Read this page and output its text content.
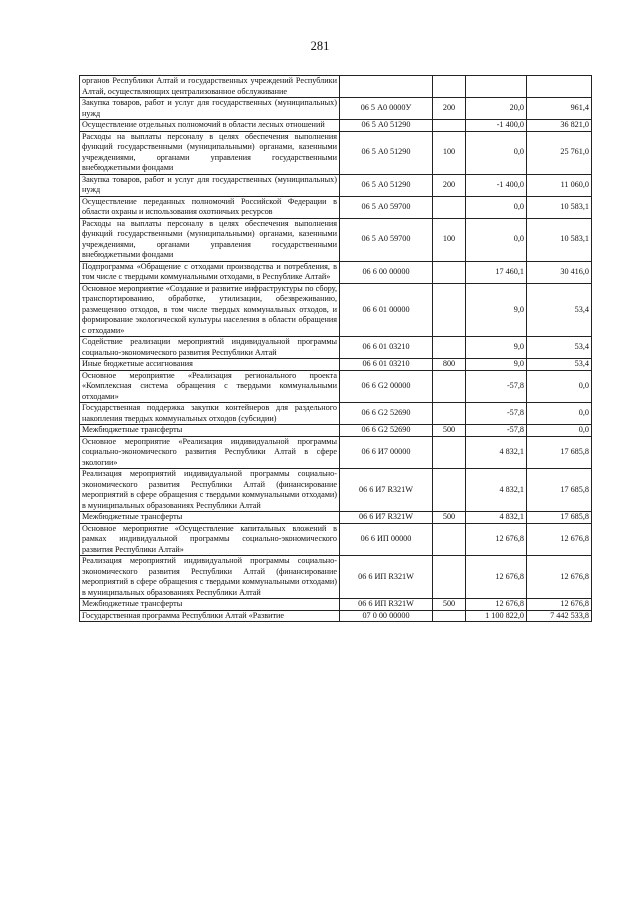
281
органов Республики Алтай и государственных учреждений Республики Алтай, осуществляющих централизованное обслуживание				
Закупка товаров, работ и услуг для государственных (муниципальных) нужд	06 5 А0 0000У	200	20,0	961,4
Осуществление отдельных полномочий в области лесных отношений	06 5 А0 51290		-1 400,0	36 821,0
Расходы на выплаты персоналу в целях обеспечения выполнения функций государственными (муниципальными) органами, казенными учреждениями, органами управления государственными внебюджетными фондами	06 5 А0 51290	100	0,0	25 761,0
Закупка товаров, работ и услуг для государственных (муниципальных) нужд	06 5 А0 51290	200	-1 400,0	11 060,0
Осуществление переданных полномочий Российской Федерации в области охраны и использования охотничьих ресурсов	06 5 А0 59700		0,0	10 583,1
Расходы на выплаты персоналу в целях обеспечения выполнения функций государственными (муниципальными) органами, казенными учреждениями, органами управления государственными внебюджетными фондами	06 5 А0 59700	100	0,0	10 583,1
Подпрограмма «Обращение с отходами производства и потребления, в том числе с твердыми коммунальными отходами, в Республике Алтай»	06 6 00 00000		17 460,1	30 416,0
Основное мероприятие «Создание и развитие инфраструктуры по сбору, транспортированию, обработке, утилизации, обезвреживанию, размещению отходов, в том числе твердых коммунальных отходов, и формирование экологической культуры населения в области обращения с отходами»	06 6 01 00000		9,0	53,4
Содействие реализации мероприятий индивидуальной программы социально-экономического развития Республики Алтай	06 6 01 03210		9,0	53,4
Иные бюджетные ассигнования	06 6 01 03210	800	9,0	53,4
Основное мероприятие «Реализация регионального проекта «Комплексная система обращения с твердыми коммунальными отходами»	06 6 G2 00000		-57,8	0,0
Государственная поддержка закупки контейнеров для раздельного накопления твердых коммунальных отходов (субсидии)	06 6 G2 52690		-57,8	0,0
Межбюджетные трансферты	06 6 G2 52690	500	-57,8	0,0
Основное мероприятие «Реализация индивидуальной программы социально-экономического развития Республики Алтай в сфере экологии»	06 6 И7 00000		4 832,1	17 685,8
Реализация мероприятий индивидуальной программы социально-экономического развития Республики Алтай (финансирование мероприятий в сфере обращения с твердыми коммунальными отходами) в муниципальных образованиях Республики Алтай	06 6 И7 R321W		4 832,1	17 685,8
Межбюджетные трансферты	06 6 И7 R321W	500	4 832,1	17 685,8
Основное мероприятие «Осуществление капитальных вложений в рамках индивидуальной программы социально-экономического развития Республики Алтай»	06 6 ИП 00000		12 676,8	12 676,8
Реализация мероприятий индивидуальной программы социально-экономического развития Республики Алтай (финансирование мероприятий в сфере обращения с твердыми коммунальными отходами) в муниципальных образованиях Республики Алтай	06 6 ИП R321W		12 676,8	12 676,8
Межбюджетные трансферты	06 6 ИП R321W	500	12 676,8	12 676,8
Государственная программа Республики Алтай «Развитие	07 0 00 00000		1 100 822,0	7 442 533,8
